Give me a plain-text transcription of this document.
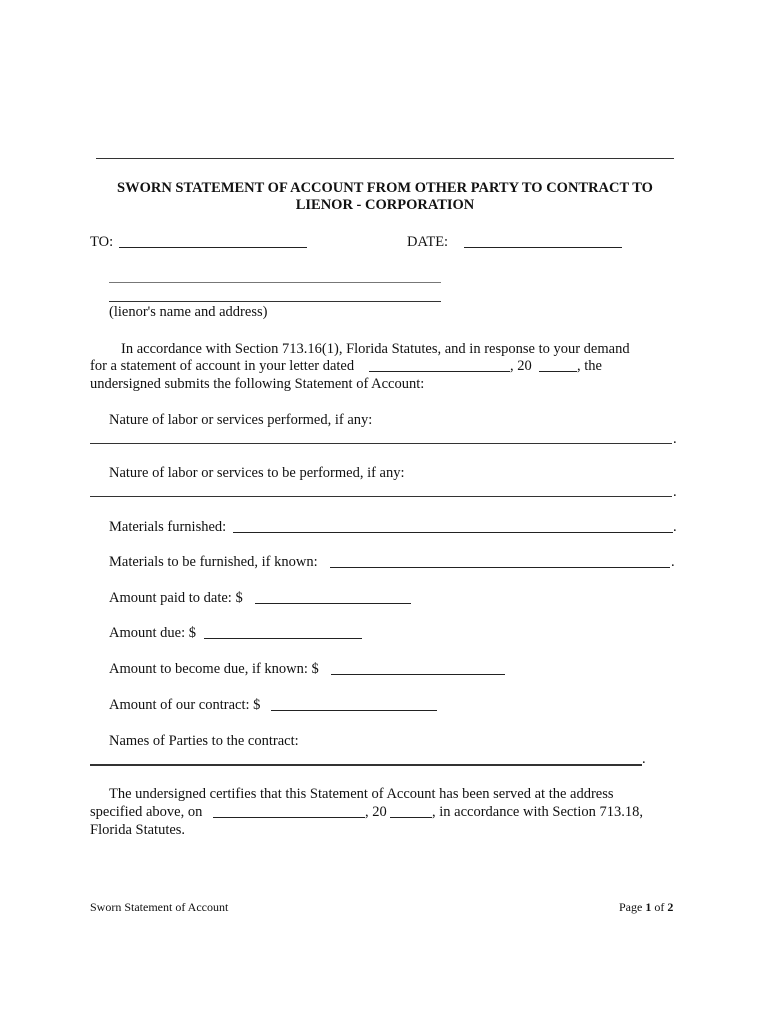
SWORN STATEMENT OF ACCOUNT FROM OTHER PARTY TO CONTRACT TO
LIENOR - CORPORATION
TO:	DATE:
(lienor's name and address)
In accordance with Section 713.16(1), Florida Statutes, and in response to your demand
for a statement of account in your letter dated	, 20	, the
undersigned submits the following Statement of Account:
Nature of labor or services performed, if any:
.
Nature of labor or services to be performed, if any:
.
Materials furnished:	.
Materials to be furnished, if known:	.
Amount paid to date: $
Amount due: $
Amount to become due, if known: $
Amount of our contract: $
Names of Parties to the contract:
.
The undersigned certifies that this Statement of Account has been served at the address
specified above, on	, 20	, in accordance with Section 713.18,
Florida Statutes.
Sworn Statement of Account	Page 1 of 2
